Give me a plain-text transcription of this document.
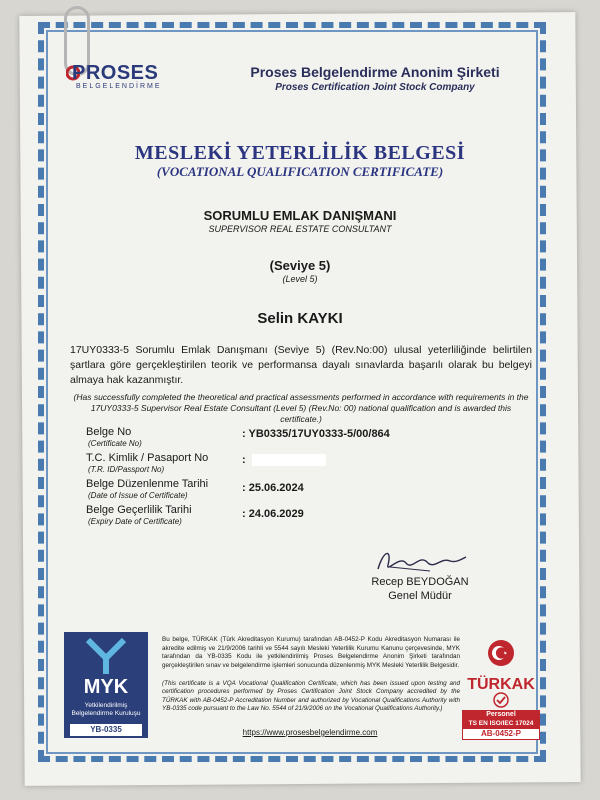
PROSES
BELGELENDİRME
Proses Belgelendirme Anonim Şirketi
Proses Certification Joint Stock Company
MESLEKİ YETERLİLİK BELGESİ
(VOCATIONAL QUALIFICATION CERTIFICATE)
SORUMLU EMLAK DANIŞMANI
SUPERVISOR REAL ESTATE CONSULTANT
(Seviye 5)
(Level 5)
Selin KAYKI
17UY0333-5 Sorumlu Emlak Danışmanı (Seviye 5) (Rev.No:00) ulusal yeterliliğinde belirtilen şartlara göre gerçekleştirilen teorik ve performansa dayalı sınavlarda başarılı olarak bu belgeyi almaya hak kazanmıştır.
(Has successfully completed the theoretical and practical assessments performed in accordance with requirements in the 17UY0333-5 Supervisor Real Estate Consultant (Level 5) (Rev.No: 00) national qualification and is awarded this certificate.)
Belge No
(Certificate No)
: YB0335/17UY0333-5/00/864
T.C. Kimlik / Pasaport No
(T.R. ID/Passport No)
:
Belge Düzenlenme Tarihi
(Date of Issue of Certificate)
: 25.06.2024
Belge Geçerlilik Tarihi
(Expiry Date of Certificate)
: 24.06.2029
Recep BEYDOĞAN
Genel Müdür
MYK
Yetkilendirilmiş
Belgelendirme Kuruluşu
YB-0335
Bu belge, TÜRKAK (Türk Akreditasyon Kurumu) tarafından AB-0452-P Kodu Akreditasyon Numarası ile akredite edilmiş ve 21/9/2006 tarihli ve 5544 sayılı Mesleki Yeterlilik Kurumu Kanunu çerçevesinde, MYK tarafından da YB-0335 Kodu ile yetkilendirilmiş Proses Belgelendirme Anonim Şirketi tarafından gerçekleştirilen sınav ve belgelendirme işlemleri sonucunda düzenlenmiş MYK Mesleki Yeterlilik Belgesidir.
(This certificate is a VQA Vocational Qualification Certificate, which has been issued upon testing and certification procedures performed by Proses Certification Joint Stock Company accredited by the TÜRKAK with AB-0452-P Accreditation Number and authorized by Vocational Qualifications Authority with YB-0335 code pursuant to the Law No. 5544 of 21/9/2006 on the Vocational Qualifications Authority.)
https://www.prosesbelgelendirme.com
TÜRKAK
Personel
TS EN ISO/IEC 17024
AB-0452-P
